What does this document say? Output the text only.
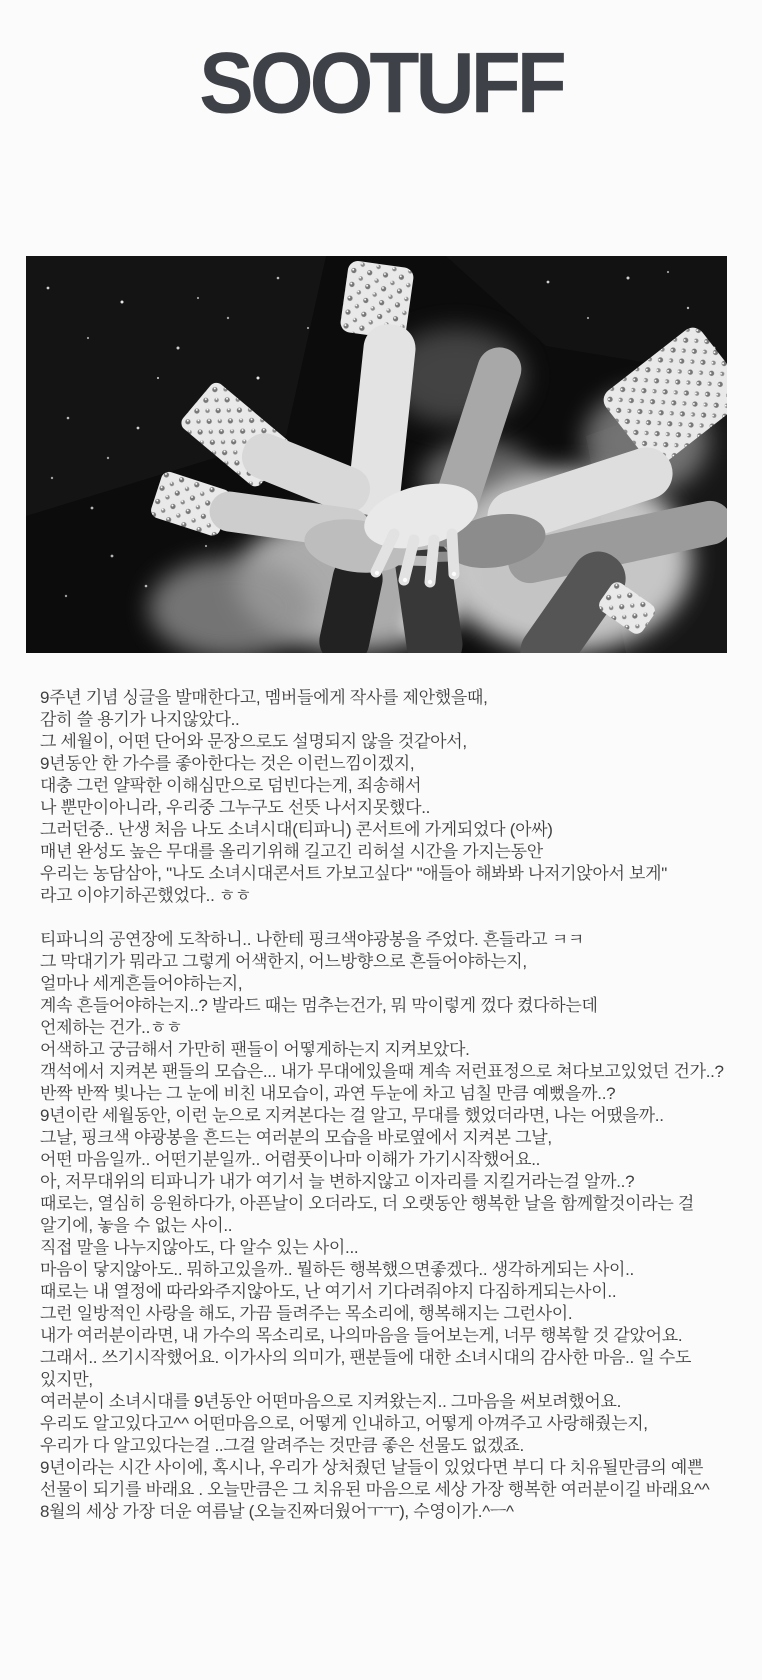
SOOTUFF
9주년 기념 싱글을 발매한다고, 멤버들에게 작사를 제안했을때,
감히 쓸 용기가 나지않았다..
그 세월이, 어떤 단어와 문장으로도 설명되지 않을 것같아서,
9년동안 한 가수를 좋아한다는 것은 이런느낌이겠지,
대충 그런 얄팍한 이해심만으로 덤빈다는게, 죄송해서
나 뿐만이아니라, 우리중 그누구도 선뜻 나서지못했다..
그러던중.. 난생 처음 나도 소녀시대(티파니) 콘서트에 가게되었다 (아싸)
매년 완성도 높은 무대를 올리기위해 길고긴 리허설 시간을 가지는동안
우리는 농담삼아, "나도 소녀시대콘서트 가보고싶다" "애들아 해봐봐 나저기앉아서 보게"
라고 이야기하곤했었다.. ㅎㅎ
티파니의 공연장에 도착하니.. 나한테 핑크색야광봉을 주었다. 흔들라고 ㅋㅋ
그 막대기가 뭐라고 그렇게 어색한지, 어느방향으로 흔들어야하는지,
얼마나 세게흔들어야하는지,
계속 흔들어야하는지..? 발라드 때는 멈추는건가, 뭐 막이렇게 껐다 켰다하는데
언제하는 건가..ㅎㅎ
어색하고 궁금해서 가만히 팬들이 어떻게하는지 지켜보았다.
객석에서 지켜본 팬들의 모습은... 내가 무대에있을때 계속 저런표정으로 쳐다보고있었던 건가..?
반짝 반짝 빛나는 그 눈에 비친 내모습이, 과연 두눈에 차고 넘칠 만큼 예뻤을까..?
9년이란 세월동안, 이런 눈으로 지켜본다는 걸 알고, 무대를 했었더라면, 나는 어땠을까..
그날, 핑크색 야광봉을 흔드는 여러분의 모습을 바로옆에서 지켜본 그날,
어떤 마음일까.. 어떤기분일까.. 어렴풋이나마 이해가 가기시작했어요..
아, 저무대위의 티파니가 내가 여기서 늘 변하지않고 이자리를 지킬거라는걸 알까..?
때로는, 열심히 응원하다가, 아픈날이 오더라도, 더 오랫동안 행복한 날을 함께할것이라는 걸 알기에, 놓을 수 없는 사이..
직접 말을 나누지않아도, 다 알수 있는 사이...
마음이 닿지않아도.. 뭐하고있을까.. 뭘하든 행복했으면좋겠다.. 생각하게되는 사이..
때로는 내 열정에 따라와주지않아도, 난 여기서 기다려줘야지 다짐하게되는사이..
그런 일방적인 사랑을 해도, 가끔 들려주는 목소리에, 행복해지는 그런사이.
내가 여러분이라면, 내 가수의 목소리로, 나의마음을 들어보는게, 너무 행복할 것 같았어요.
그래서.. 쓰기시작했어요. 이가사의 의미가, 팬분들에 대한 소녀시대의 감사한 마음.. 일 수도 있지만,
여러분이 소녀시대를 9년동안 어떤마음으로 지켜왔는지.. 그마음을 써보려했어요.
우리도 알고있다고^^ 어떤마음으로, 어떻게 인내하고, 어떻게 아껴주고 사랑해줬는지,
우리가 다 알고있다는걸 ..그걸 알려주는 것만큼 좋은 선물도 없겠죠.
9년이라는 시간 사이에, 혹시나, 우리가 상처줬던 날들이 있었다면 부디 다 치유될만큼의 예쁜 선물이 되기를 바래요 . 오늘만큼은 그 치유된 마음으로 세상 가장 행복한 여러분이길 바래요^^
8월의 세상 가장 더운 여름날 (오늘진짜더웠어ㅜㅜ), 수영이가.^ㅡ^
